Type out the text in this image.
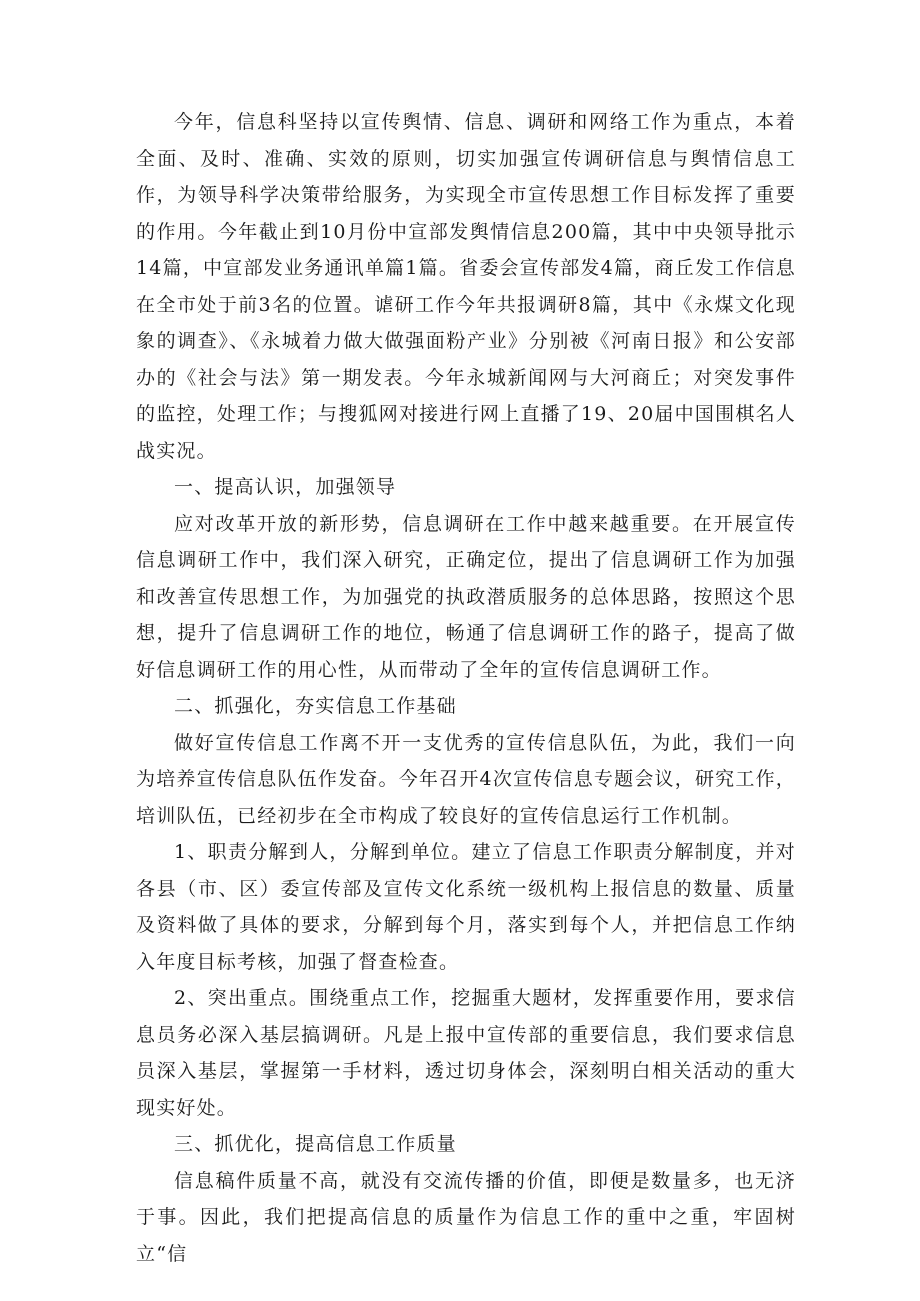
今年，信息科坚持以宣传舆情、信息、调研和网络工作为重点，本着全面、及时、准确、实效的原则，切实加强宣传调研信息与舆情信息工作，为领导科学决策带给服务，为实现全市宣传思想工作目标发挥了重要的作用。今年截止到10月份中宣部发舆情信息200篇，其中中央领导批示14篇，中宣部发业务通讯单篇1篇。省委会宣传部发4篇，商丘发工作信息在全市处于前3名的位置。谑研工作今年共报调研8篇，其中《永煤文化现象的调查》、《永城着力做大做强面粉产业》分别被《河南日报》和公安部办的《社会与法》第一期发表。今年永城新闻网与大河商丘；对突发事件的监控，处理工作；与搜狐网对接进行网上直播了19、20届中国围棋名人战实况。

一、提高认识，加强领导

应对改革开放的新形势，信息调研在工作中越来越重要。在开展宣传信息调研工作中，我们深入研究，正确定位，提出了信息调研工作为加强和改善宣传思想工作，为加强党的执政潜质服务的总体思路，按照这个思想，提升了信息调研工作的地位，畅通了信息调研工作的路子，提高了做好信息调研工作的用心性，从而带动了全年的宣传信息调研工作。

二、抓强化，夯实信息工作基础

做好宣传信息工作离不开一支优秀的宣传信息队伍，为此，我们一向为培养宣传信息队伍作发奋。今年召开4次宣传信息专题会议，研究工作，培训队伍，已经初步在全市构成了较良好的宣传信息运行工作机制。

1、职责分解到人，分解到单位。建立了信息工作职责分解制度，并对各县（市、区）委宣传部及宣传文化系统一级机构上报信息的数量、质量及资料做了具体的要求，分解到每个月，落实到每个人，并把信息工作纳入年度目标考核，加强了督查检查。

2、突出重点。围绕重点工作，挖掘重大题材，发挥重要作用，要求信息员务必深入基层搞调研。凡是上报中宣传部的重要信息，我们要求信息员深入基层，掌握第一手材料，透过切身体会，深刻明白相关活动的重大现实好处。

三、抓优化，提高信息工作质量

信息稿件质量不高，就没有交流传播的价值，即便是数量多，也无济于事。因此，我们把提高信息的质量作为信息工作的重中之重，牢固树立“信
